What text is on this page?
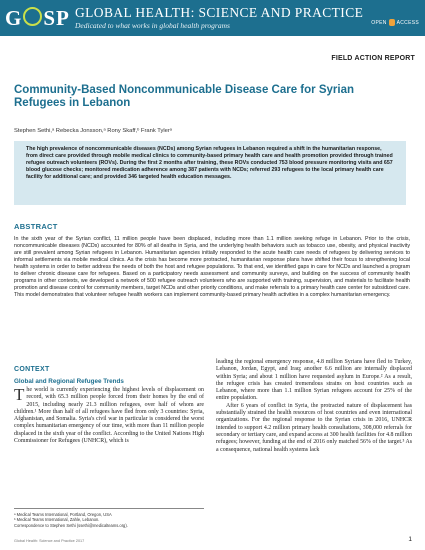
G SP GLOBAL HEALTH: SCIENCE AND PRACTICE
Dedicated to what works in global health programs	OPEN ACCESS
FIELD ACTION REPORT
Community-Based Noncommunicable Disease Care for Syrian Refugees in Lebanon
Stephen Sethi,ᵃ Rebecka Jonsson,ᵃ Rony Skaff,ᵇ Frank Tylerᵃ
The high prevalence of noncommunicable diseases (NCDs) among Syrian refugees in Lebanon required a shift in the humanitarian response, from direct care provided through mobile medical clinics to community-based primary health care and health promotion provided through trained refugee outreach volunteers (ROVs). During the first 2 months after training, these ROVs conducted 753 blood pressure monitoring visits and 657 blood glucose checks; monitored medication adherence among 387 patients with NCDs; referred 293 refugees to the local primary health care facility for additional care; and provided 346 targeted health education messages.
ABSTRACT

In the sixth year of the Syrian conflict, 11 million people have been displaced, including more than 1.1 million seeking refuge in Lebanon. Prior to the crisis, noncommunicable diseases (NCDs) accounted for 80% of all deaths in Syria, and the underlying health behaviors such as tobacco use, obesity, and physical inactivity are still prevalent among Syrian refugees in Lebanon. Humanitarian agencies initially responded to the acute health care needs of refugees by delivering services to informal settlements via mobile medical clinics. As the crisis has become more protracted, humanitarian response plans have shifted their focus to strengthening local health systems in order to better address the needs of both the host and refugee populations. To that end, we identified gaps in care for NCDs and launched a program to deliver chronic disease care for refugees. Based on a participatory needs assessment and community surveys, and building on the success of community health programs in other contexts, we developed a network of 500 refugee outreach volunteers who are supported with training, supervision, and materials to facilitate health promotion and disease control for community members, target NCDs and other priority conditions, and make referrals to a primary health care center for subsidized care. This model demonstrates that volunteer refugee health workers can implement community-based primary health activities in a complex humanitarian emergency.

CONTEXT
Global and Regional Refugee Trends

The world is currently experiencing the highest levels of displacement on record, with 65.3 million people forced from their homes by the end of 2015, including nearly 21.3 million refugees, over half of whom are children.¹ More than half of all refugees have fled from only 3 countries: Syria, Afghanistan, and Somalia. Syria's civil war in particular is considered the worst complex humanitarian emergency of our time, with more than 11 million people displaced in the sixth year of the conflict. According to the United Nations High Commissioner for Refugees (UNHCR), which is

leading the regional emergency response, 4.8 million Syrians have fled to Turkey, Lebanon, Jordan, Egypt, and Iraq; another 6.6 million are internally displaced within Syria; and about 1 million have requested asylum in Europe.² As a result, the refugee crisis has created tremendous strains on host countries such as Lebanon, where more than 1.1 million Syrian refugees account for 25% of the entire population.

After 6 years of conflict in Syria, the protracted nature of displacement has substantially strained the health resources of host countries and even international organizations. For the regional response to the Syrian crisis in 2016, UNHCR intended to support 4.2 million primary health consultations, 308,000 referrals for secondary or tertiary care, and expand access at 300 health facilities for 4.8 million refugees; however, funding at the end of 2016 only matched 56% of the target.³ As a consequence, national health systems lack

ᵃ Medical Teams International, Portland, Oregon, USA
ᵇ Medical Teams International, Zahle, Lebanon.
Correspondence to Stephen Sethi (ssethi@medicalteams.org).
Global Health: Science and Practice 2017	1
